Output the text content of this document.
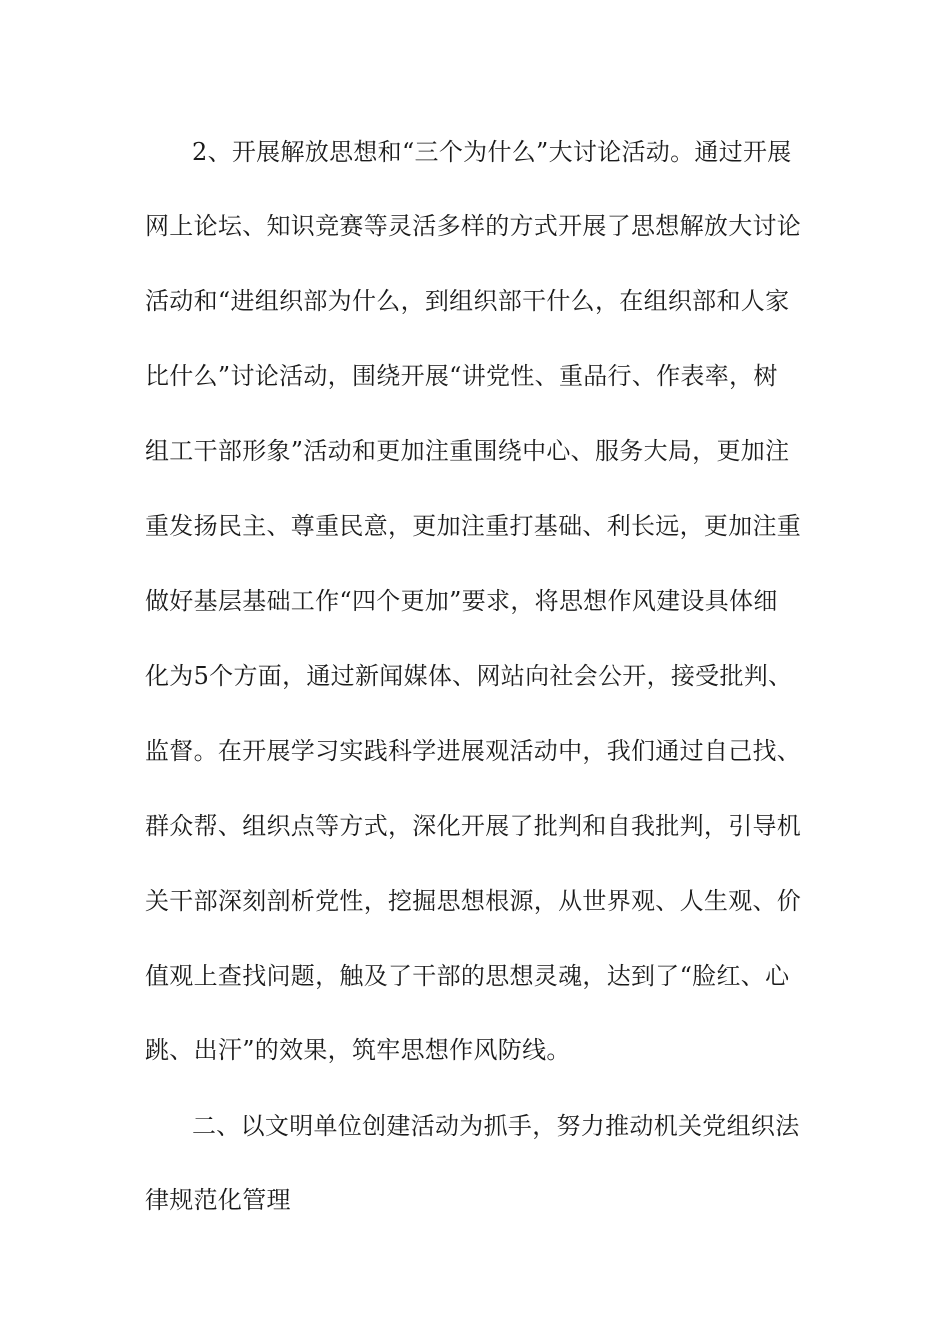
2、开展解放思想和“三个为什么”大讨论活动。通过开展
网上论坛、知识竞赛等灵活多样的方式开展了思想解放大讨论
活动和“进组织部为什么，到组织部干什么，在组织部和人家
比什么”讨论活动，围绕开展“讲党性、重品行、作表率，树
组工干部形象”活动和更加注重围绕中心、服务大局，更加注
重发扬民主、尊重民意，更加注重打基础、利长远，更加注重
做好基层基础工作“四个更加”要求，将思想作风建设具体细
化为5个方面，通过新闻媒体、网站向社会公开，接受批判、
监督。在开展学习实践科学进展观活动中，我们通过自己找、
群众帮、组织点等方式，深化开展了批判和自我批判，引导机
关干部深刻剖析党性，挖掘思想根源，从世界观、人生观、价
值观上查找问题，触及了干部的思想灵魂，达到了“脸红、心
跳、出汗”的效果，筑牢思想作风防线。
二、以文明单位创建活动为抓手，努力推动机关党组织法
律规范化管理
